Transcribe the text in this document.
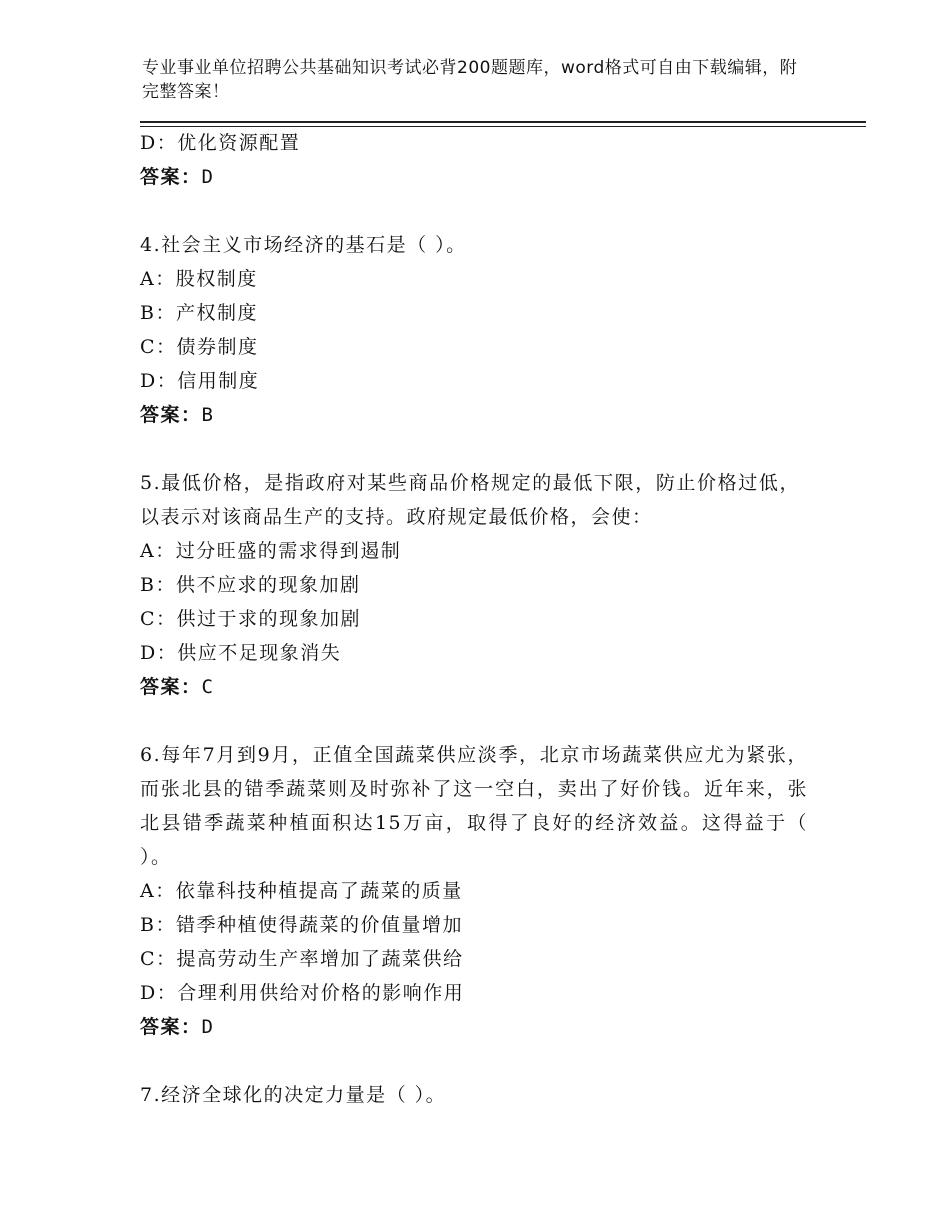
专业事业单位招聘公共基础知识考试必背200题题库，word格式可自由下载编辑，附完整答案！

D：优化资源配置

答案：D

4.社会主义市场经济的基石是（ ）。

A：股权制度

B：产权制度

C：债券制度

D：信用制度

答案：B

5.最低价格，是指政府对某些商品价格规定的最低下限，防止价格过低，以表示对该商品生产的支持。政府规定最低价格，会使：

A：过分旺盛的需求得到遏制

B：供不应求的现象加剧

C：供过于求的现象加剧

D：供应不足现象消失

答案：C

6.每年7月到9月，正值全国蔬菜供应淡季，北京市场蔬菜供应尤为紧张，而张北县的错季蔬菜则及时弥补了这一空白，卖出了好价钱。近年来，张北县错季蔬菜种植面积达15万亩，取得了良好的经济效益。这得益于（ ）。

A：依靠科技种植提高了蔬菜的质量

B：错季种植使得蔬菜的价值量增加

C：提高劳动生产率增加了蔬菜供给

D：合理利用供给对价格的影响作用

答案：D

7.经济全球化的决定力量是（ ）。
